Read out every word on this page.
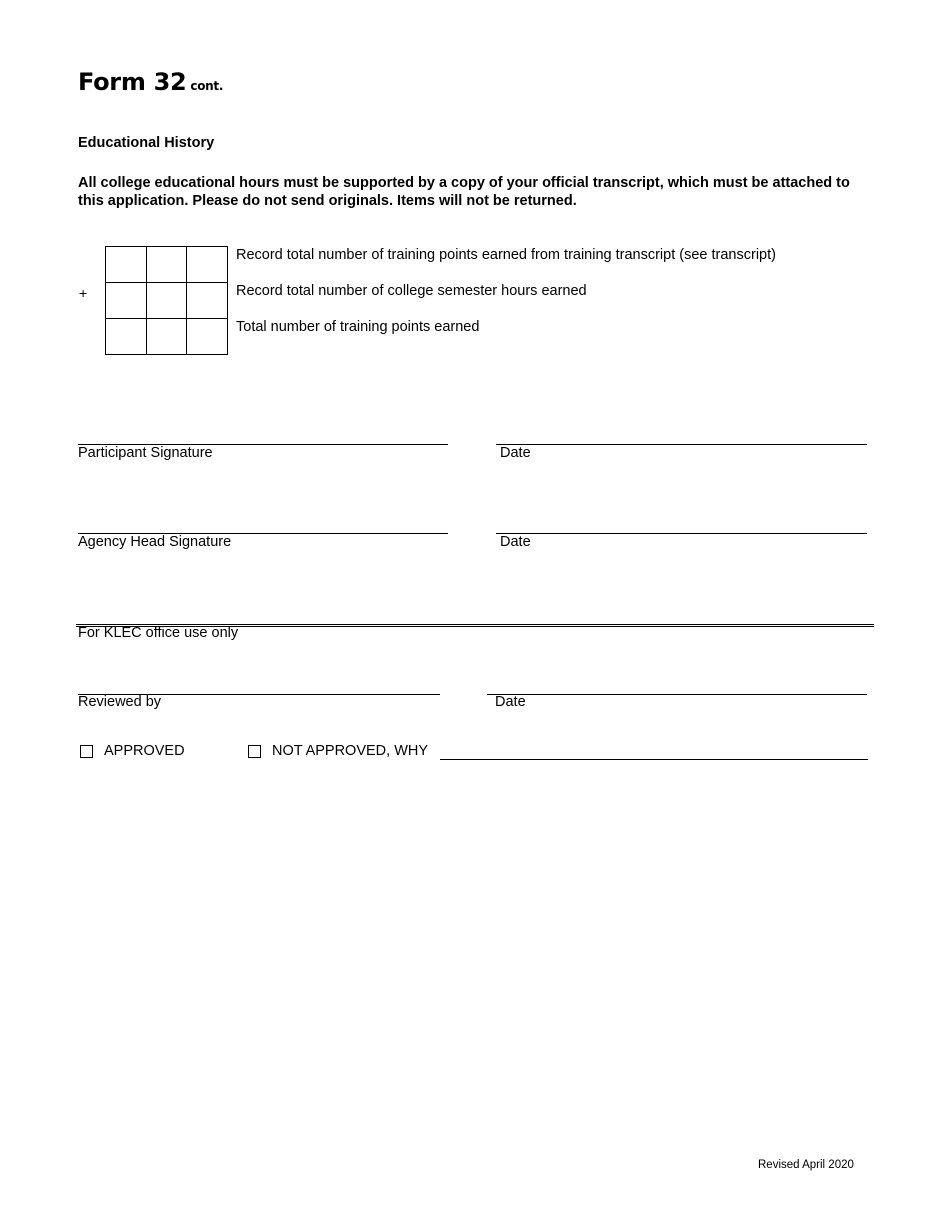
Form 32 cont.
Educational History
All college educational hours must be supported by a copy of your official transcript, which must be attached to this application. Please do not send originals. Items will not be returned.
+
Record total number of training points earned from training transcript (see transcript)
Record total number of college semester hours earned
Total number of training points earned
Participant Signature	Date
Agency Head Signature	Date
For KLEC office use only
Reviewed by	Date
APPROVED	NOT APPROVED, WHY
Revised April 2020
